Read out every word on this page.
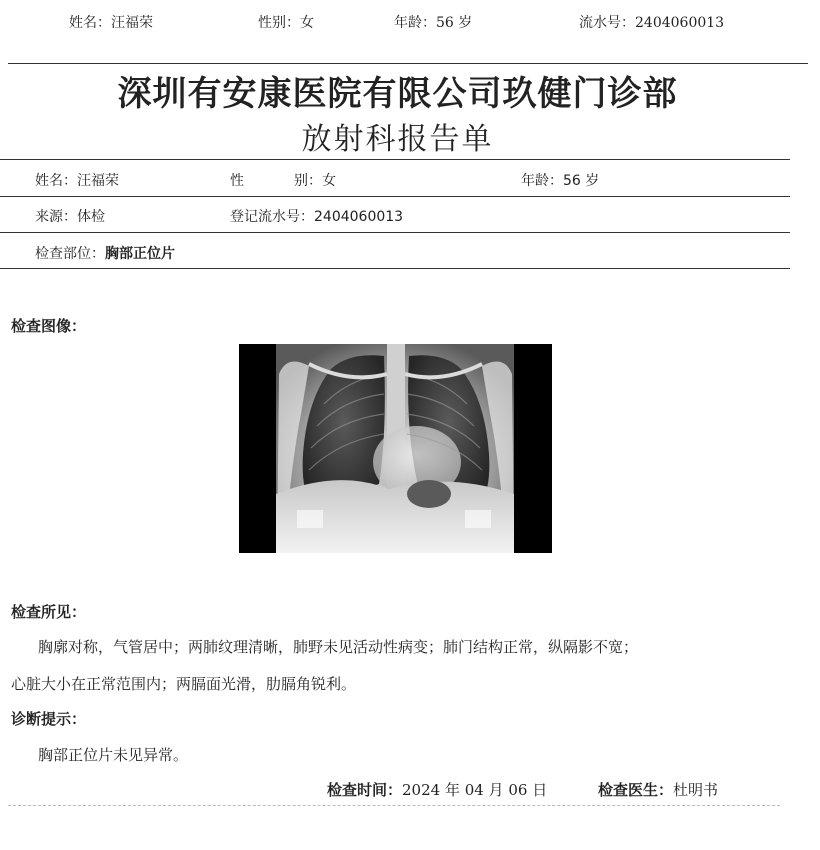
姓名：汪福荣	性别：女	年龄：56 岁	流水号：2404060013
深圳有安康医院有限公司玖健门诊部
放射科报告单
姓名：汪福荣	性	别：女	年龄：56 岁
来源：体检	登记流水号：2404060013
检查部位：胸部正位片
检查图像：
检查所见：
胸廓对称，气管居中；两肺纹理清晰，肺野未见活动性病变；肺门结构正常，纵隔影不宽；
心脏大小在正常范围内；两膈面光滑，肋膈角锐利。
诊断提示：
胸部正位片未见异常。
检查时间：2024 年 04 月 06 日	检查医生：杜明书
